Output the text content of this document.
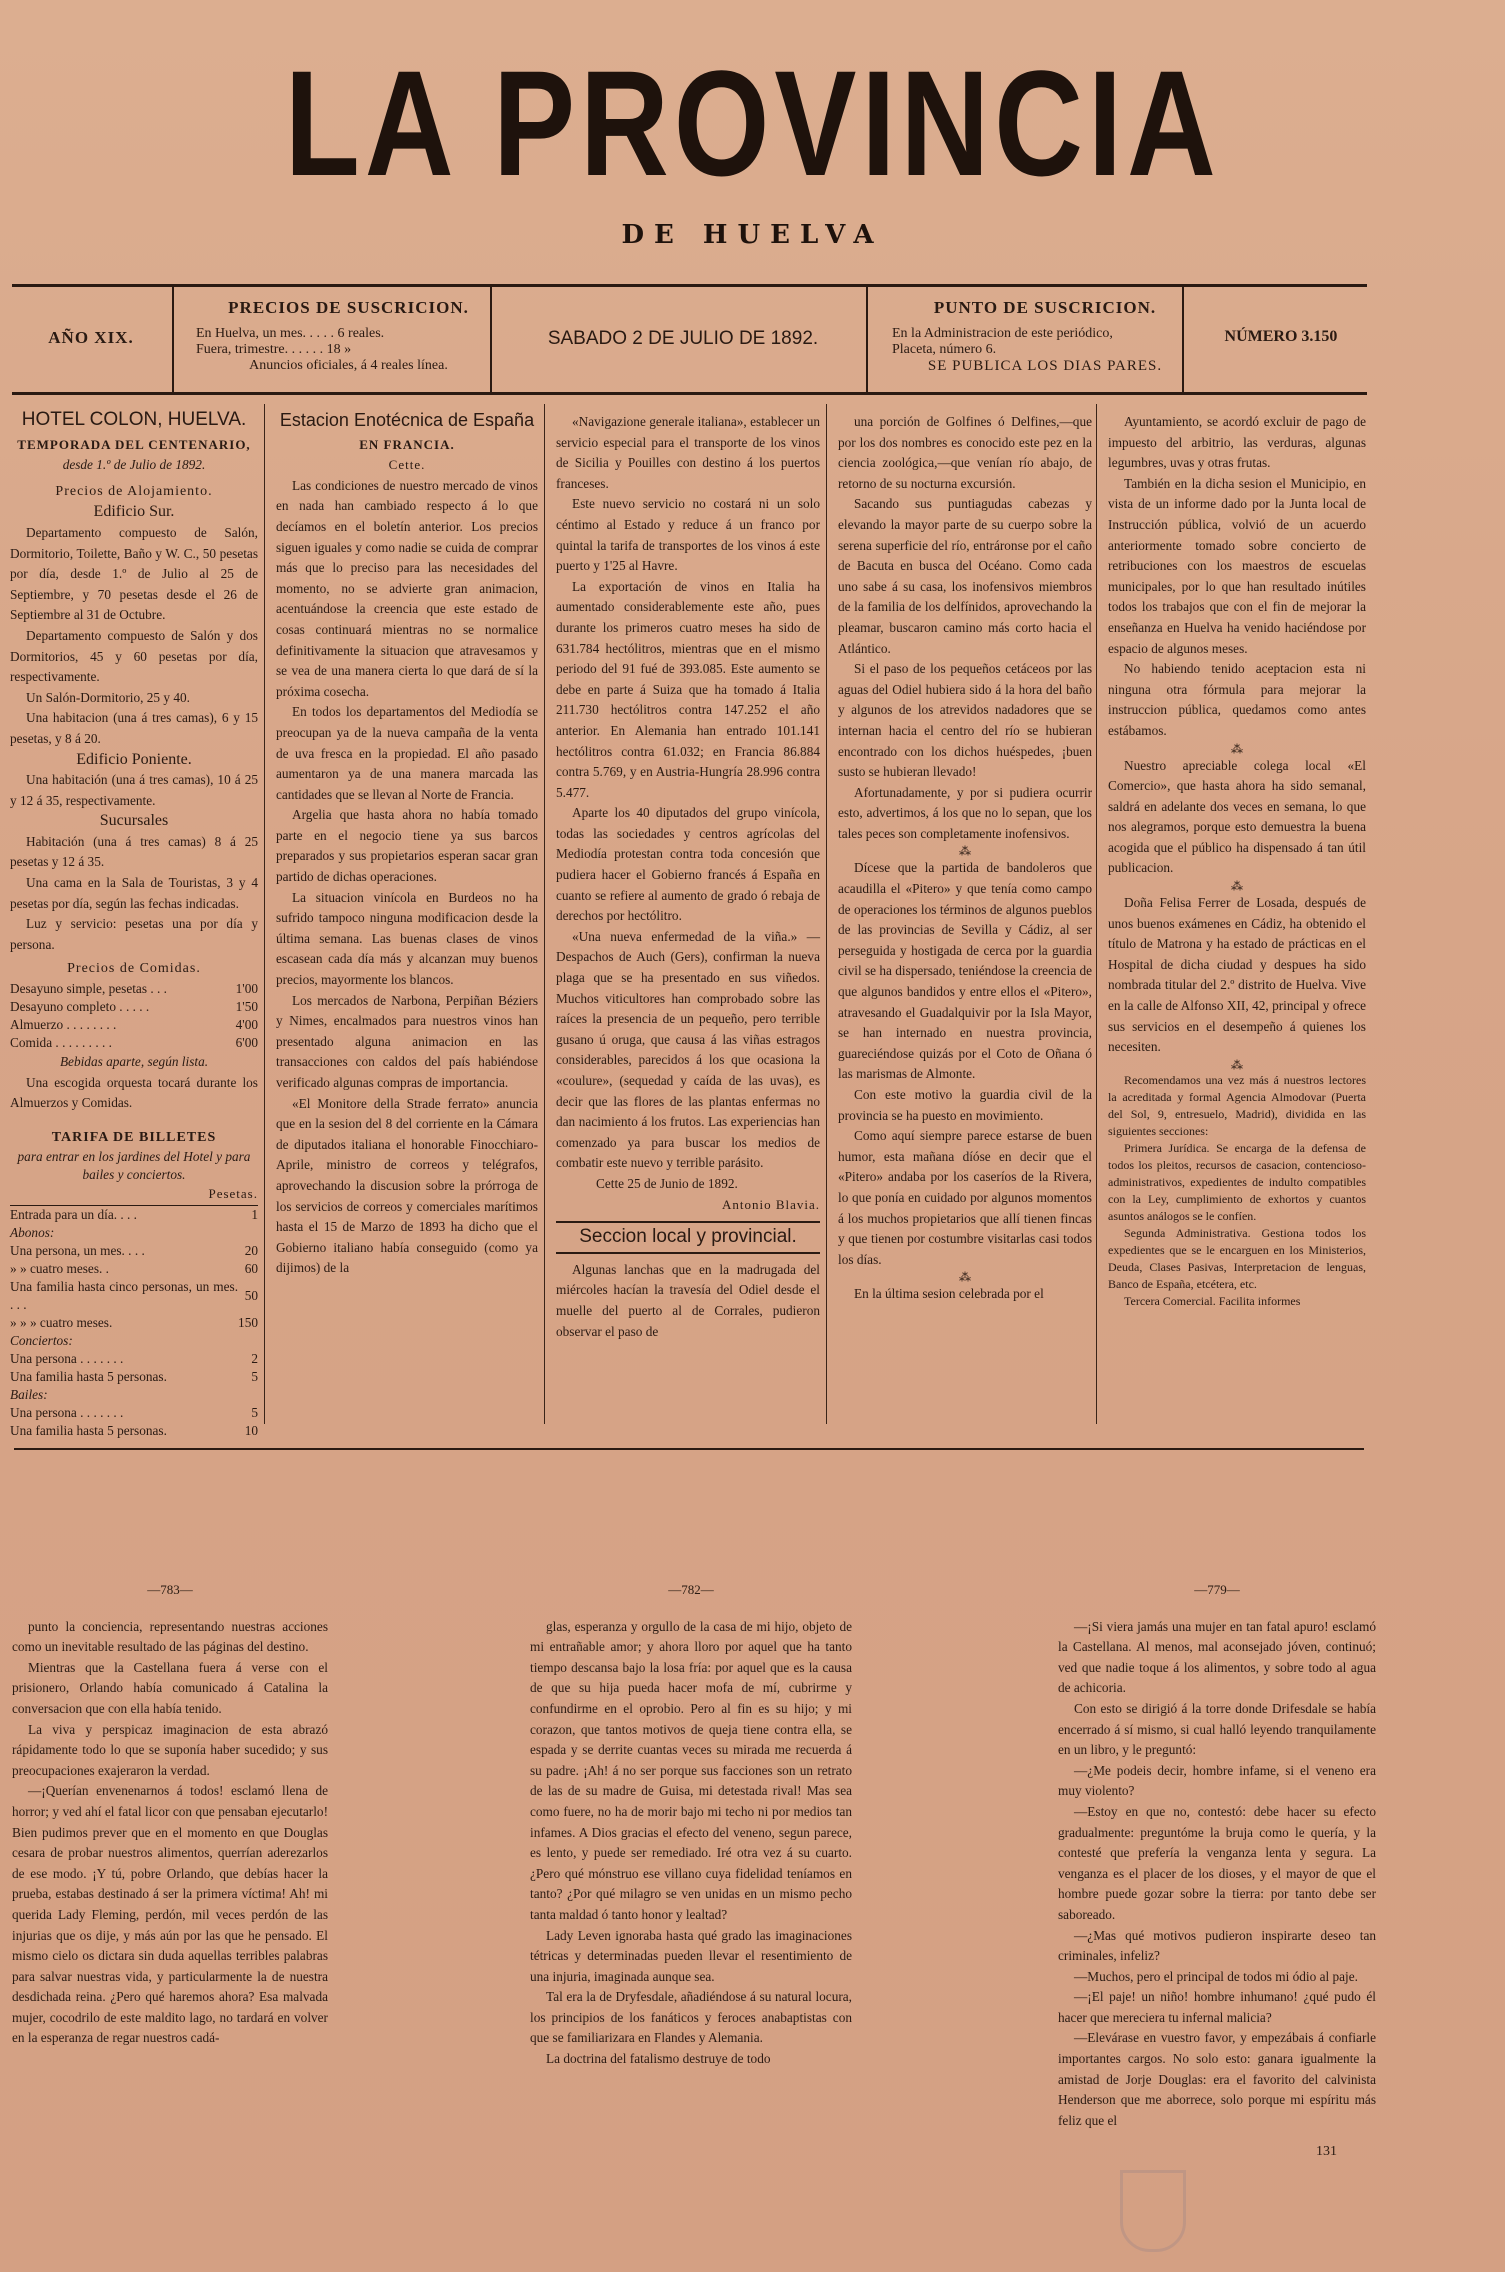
LA PROVINCIA
DE HUELVA
AÑO XIX.
PRECIOS DE SUSCRICION.
En Huelva, un mes. . . . . 6 reales.
Fuera, trimestre. . . . . . 18 »
Anuncios oficiales, á 4 reales línea.
SABADO 2 DE JULIO DE 1892.
PUNTO DE SUSCRICION.
En la Administracion de este periódico,
Placeta, número 6.
SE PUBLICA LOS DIAS PARES.
NÚMERO 3.150
HOTEL COLON, HUELVA.
TEMPORADA DEL CENTENARIO,
desde 1.º de Julio de 1892.
Precios de Alojamiento.
Edificio Sur.

Departamento compuesto de Salón, Dormitorio, Toilette, Baño y W. C., 50 pesetas por día, desde 1.º de Julio al 25 de Septiembre, y 70 pesetas desde el 26 de Septiembre al 31 de Octubre.

Departamento compuesto de Salón y dos Dormitorios, 45 y 60 pesetas por día, respectivamente.

Un Salón-Dormitorio, 25 y 40.

Una habitacion (una á tres camas), 6 y 15 pesetas, y 8 á 20.

Edificio Poniente.

Una habitación (una á tres camas), 10 á 25 y 12 á 35, respectivamente.

Sucursales

Habitación (una á tres camas) 8 á 25 pesetas y 12 á 35.

Una cama en la Sala de Touristas, 3 y 4 pesetas por día, según las fechas indicadas.

Luz y servicio: pesetas una por día y persona.

Precios de Comidas.
Desayuno simple, pesetas . . .	1'00
Desayuno completo . . . . .	1'50
Almuerzo . . . . . . . .	4'00
Comida . . . . . . . . .	6'00
Bebidas aparte, según lista.

Una escogida orquesta tocará durante los Almuerzos y Comidas.

TARIFA DE BILLETES
para entrar en los jardines del Hotel y para bailes y conciertos.
Pesetas.
Entrada para un día. . . .	1
Abonos:	
Una persona, un mes. . . .	20
» » cuatro meses. .	60
Una familia hasta cinco personas, un mes. . . .	50
» » » cuatro meses.	150
Conciertos:	
Una persona . . . . . . .	2
Una familia hasta 5 personas.	5
Bailes:	
Una persona . . . . . . .	5
Una familia hasta 5 personas.	10
Estacion Enotécnica de España
EN FRANCIA.
Cette.

Las condiciones de nuestro mercado de vinos en nada han cambiado respecto á lo que decíamos en el boletín anterior. Los precios siguen iguales y como nadie se cuida de comprar más que lo preciso para las necesidades del momento, no se advierte gran animacion, acentuándose la creencia que este estado de cosas continuará mientras no se normalice definitivamente la situacion que atravesamos y se vea de una manera cierta lo que dará de sí la próxima cosecha.

En todos los departamentos del Mediodía se preocupan ya de la nueva campaña de la venta de uva fresca en la propiedad. El año pasado aumentaron ya de una manera marcada las cantidades que se llevan al Norte de Francia.

Argelia que hasta ahora no había tomado parte en el negocio tiene ya sus barcos preparados y sus propietarios esperan sacar gran partido de dichas operaciones.

La situacion vinícola en Burdeos no ha sufrido tampoco ninguna modificacion desde la última semana. Las buenas clases de vinos escasean cada día más y alcanzan muy buenos precios, mayormente los blancos.

Los mercados de Narbona, Perpiñan Béziers y Nimes, encalmados para nuestros vinos han presentado alguna animacion en las transacciones con caldos del país habiéndose verificado algunas compras de importancia.

«El Monitore della Strade ferrato» anuncia que en la sesion del 8 del corriente en la Cámara de diputados italiana el honorable Finocchiaro-Aprile, ministro de correos y telégrafos, aprovechando la discusion sobre la prórroga de los servicios de correos y comerciales marítimos hasta el 15 de Marzo de 1893 ha dicho que el Gobierno italiano había conseguido (como ya dijimos) de la

«Navigazione generale italiana», establecer un servicio especial para el transporte de los vinos de Sicilia y Pouilles con destino á los puertos franceses.

Este nuevo servicio no costará ni un solo céntimo al Estado y reduce á un franco por quintal la tarifa de transportes de los vinos á este puerto y 1'25 al Havre.

La exportación de vinos en Italia ha aumentado considerablemente este año, pues durante los primeros cuatro meses ha sido de 631.784 hectólitros, mientras que en el mismo periodo del 91 fué de 393.085. Este aumento se debe en parte á Suiza que ha tomado á Italia 211.730 hectólitros contra 147.252 el año anterior. En Alemania han entrado 101.141 hectólitros contra 61.032; en Francia 86.884 contra 5.769, y en Austria-Hungría 28.996 contra 5.477.

Aparte los 40 diputados del grupo vinícola, todas las sociedades y centros agrícolas del Mediodía protestan contra toda concesión que pudiera hacer el Gobierno francés á España en cuanto se refiere al aumento de grado ó rebaja de derechos por hectólitro.

«Una nueva enfermedad de la viña.» —Despachos de Auch (Gers), confirman la nueva plaga que se ha presentado en sus viñedos. Muchos viticultores han comprobado sobre las raíces la presencia de un pequeño, pero terrible gusano ú oruga, que causa á las viñas estragos considerables, parecidos á los que ocasiona la «coulure», (sequedad y caída de las uvas), es decir que las flores de las plantas enfermas no dan nacimiento á los frutos. Las experiencias han comenzado ya para buscar los medios de combatir este nuevo y terrible parásito.

Cette 25 de Junio de 1892.

Antonio Blavia.
Seccion local y provincial.

Algunas lanchas que en la madrugada del miércoles hacían la travesía del Odiel desde el muelle del puerto al de Corrales, pudieron observar el paso de

una porción de Golfines ó Delfines,—que por los dos nombres es conocido este pez en la ciencia zoológica,—que venían río abajo, de retorno de su nocturna excursión.

Sacando sus puntiagudas cabezas y elevando la mayor parte de su cuerpo sobre la serena superficie del río, entráronse por el caño de Bacuta en busca del Océano. Como cada uno sabe á su casa, los inofensivos miembros de la familia de los delfínidos, aprovechando la pleamar, buscaron camino más corto hacia el Atlántico.

Si el paso de los pequeños cetáceos por las aguas del Odiel hubiera sido á la hora del baño y algunos de los atrevidos nadadores que se internan hacia el centro del río se hubieran encontrado con los dichos huéspedes, ¡buen susto se hubieran llevado!

Afortunadamente, y por si pudiera ocurrir esto, advertimos, á los que no lo sepan, que los tales peces son completamente inofensivos.

⁂

Dícese que la partida de bandoleros que acaudilla el «Pitero» y que tenía como campo de operaciones los términos de algunos pueblos de las provincias de Sevilla y Cádiz, al ser perseguida y hostigada de cerca por la guardia civil se ha dispersado, teniéndose la creencia de que algunos bandidos y entre ellos el «Pitero», atravesando el Guadalquivir por la Isla Mayor, se han internado en nuestra provincia, guareciéndose quizás por el Coto de Oñana ó las marismas de Almonte.

Con este motivo la guardia civil de la provincia se ha puesto en movimiento.

Como aquí siempre parece estarse de buen humor, esta mañana díóse en decir que el «Pitero» andaba por los caseríos de la Rivera, lo que ponía en cuidado por algunos momentos á los muchos propietarios que allí tienen fincas y que tienen por costumbre visitarlas casi todos los días.

⁂

En la última sesion celebrada por el

Ayuntamiento, se acordó excluir de pago de impuesto del arbitrio, las verduras, algunas legumbres, uvas y otras frutas.

También en la dicha sesion el Municipio, en vista de un informe dado por la Junta local de Instrucción pública, volvió de un acuerdo anteriormente tomado sobre concierto de retribuciones con los maestros de escuelas municipales, por lo que han resultado inútiles todos los trabajos que con el fin de mejorar la enseñanza en Huelva ha venido haciéndose por espacio de algunos meses.

No habiendo tenido aceptacion esta ni ninguna otra fórmula para mejorar la instruccion pública, quedamos como antes estábamos.

⁂

Nuestro apreciable colega local «El Comercio», que hasta ahora ha sido semanal, saldrá en adelante dos veces en semana, lo que nos alegramos, porque esto demuestra la buena acogida que el público ha dispensado á tan útil publicacion.

⁂

Doña Felisa Ferrer de Losada, después de unos buenos exámenes en Cádiz, ha obtenido el título de Matrona y ha estado de prácticas en el Hospital de dicha ciudad y despues ha sido nombrada titular del 2.º distrito de Huelva. Vive en la calle de Alfonso XII, 42, principal y ofrece sus servicios en el desempeño á quienes los necesiten.

⁂

Recomendamos una vez más á nuestros lectores la acreditada y formal Agencia Almodovar (Puerta del Sol, 9, entresuelo, Madrid), dividida en las siguientes secciones:

Primera Jurídica. Se encarga de la defensa de todos los pleitos, recursos de casacion, contencioso-administrativos, expedientes de indulto compatibles con la Ley, cumplimiento de exhortos y cuantos asuntos análogos se le confíen.

Segunda Administrativa. Gestiona todos los expedientes que se le encarguen en los Ministerios, Deuda, Clases Pasivas, Interpretacion de lenguas, Banco de España, etcétera, etc.

Tercera Comercial. Facilita informes

—783—

punto la conciencia, representando nuestras acciones como un inevitable resultado de las páginas del destino.

Mientras que la Castellana fuera á verse con el prisionero, Orlando había comunicado á Catalina la conversacion que con ella había tenido.

La viva y perspicaz imaginacion de esta abrazó rápidamente todo lo que se suponía haber sucedido; y sus preocupaciones exajeraron la verdad.

—¡Querían envenenarnos á todos! esclamó llena de horror; y ved ahí el fatal licor con que pensaban ejecutarlo! Bien pudimos prever que en el momento en que Douglas cesara de probar nuestros alimentos, querrían aderezarlos de ese modo. ¡Y tú, pobre Orlando, que debías hacer la prueba, estabas destinado á ser la primera víctima! Ah! mi querida Lady Fleming, perdón, mil veces perdón de las injurias que os dije, y más aún por las que he pensado. El mismo cielo os dictara sin duda aquellas terribles palabras para salvar nuestras vida, y particularmente la de nuestra desdichada reina. ¿Pero qué haremos ahora? Esa malvada mujer, cocodrilo de este maldito lago, no tardará en volver en la esperanza de regar nuestros cadá-

—782—

glas, esperanza y orgullo de la casa de mi hijo, objeto de mi entrañable amor; y ahora lloro por aquel que ha tanto tiempo descansa bajo la losa fría: por aquel que es la causa de que su hija pueda hacer mofa de mí, cubrirme y confundirme en el oprobio. Pero al fin es su hijo; y mi corazon, que tantos motivos de queja tiene contra ella, se espada y se derrite cuantas veces su mirada me recuerda á su padre. ¡Ah! á no ser porque sus facciones son un retrato de las de su madre de Guisa, mi detestada rival! Mas sea como fuere, no ha de morir bajo mi techo ni por medios tan infames. A Dios gracias el efecto del veneno, segun parece, es lento, y puede ser remediado. Iré otra vez á su cuarto. ¿Pero qué mónstruo ese villano cuya fidelidad teníamos en tanto? ¿Por qué milagro se ven unidas en un mismo pecho tanta maldad ó tanto honor y lealtad?

Lady Leven ignoraba hasta qué grado las imaginaciones tétricas y determinadas pueden llevar el resentimiento de una injuria, imaginada aunque sea.

Tal era la de Dryfesdale, añadiéndose á su natural locura, los principios de los fanáticos y feroces anabaptistas con que se familiarizara en Flandes y Alemania.

La doctrina del fatalismo destruye de todo

—779—

—¡Si viera jamás una mujer en tan fatal apuro! esclamó la Castellana. Al menos, mal aconsejado jóven, continuó; ved que nadie toque á los alimentos, y sobre todo al agua de achicoria.

Con esto se dirigió á la torre donde Drifesdale se había encerrado á sí mismo, si cual halló leyendo tranquilamente en un libro, y le preguntó:

—¿Me podeis decir, hombre infame, si el veneno era muy violento?

—Estoy en que no, contestó: debe hacer su efecto gradualmente: preguntóme la bruja como le quería, y la contesté que prefería la venganza lenta y segura. La venganza es el placer de los dioses, y el mayor de que el hombre puede gozar sobre la tierra: por tanto debe ser saboreado.

—¿Mas qué motivos pudieron inspirarte deseo tan criminales, infeliz?

—Muchos, pero el principal de todos mi ódio al paje.

—¡El paje! un niño! hombre inhumano! ¿qué pudo él hacer que mereciera tu infernal malicia?

—Elevárase en vuestro favor, y empezábais á confiarle importantes cargos. No solo esto: ganara igualmente la amistad de Jorje Douglas: era el favorito del calvinista Henderson que me aborrece, solo porque mi espíritu más feliz que el

131
